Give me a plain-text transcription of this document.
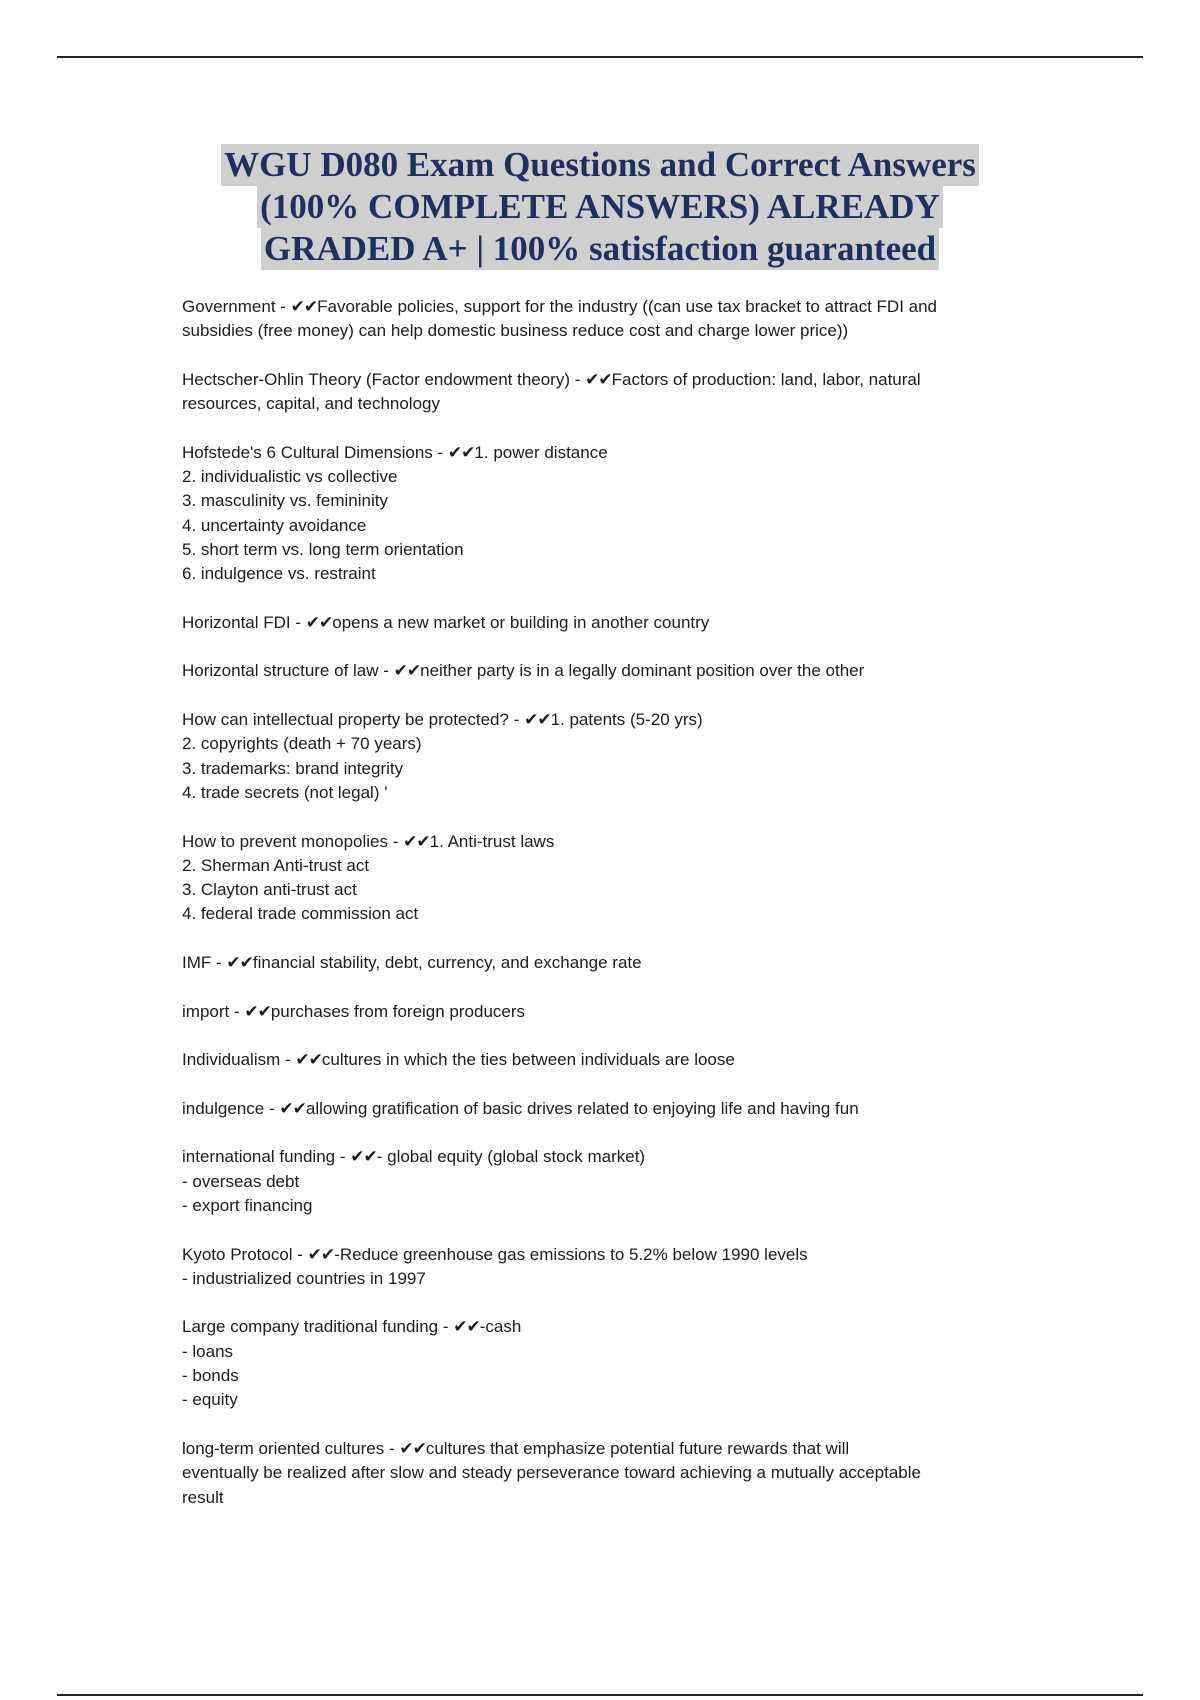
WGU D080 Exam Questions and Correct Answers
(100% COMPLETE ANSWERS) ALREADY
GRADED A+ | 100% satisfaction guaranteed
Government - ✔✔Favorable policies, support for the industry ((can use tax bracket to attract FDI and
subsidies (free money) can help domestic business reduce cost and charge lower price))
Hectscher-Ohlin Theory (Factor endowment theory) - ✔✔Factors of production: land, labor, natural
resources, capital, and technology
Hofstede's 6 Cultural Dimensions - ✔✔1. power distance
2. individualistic vs collective
3. masculinity vs. femininity
4. uncertainty avoidance
5. short term vs. long term orientation
6. indulgence vs. restraint
Horizontal FDI - ✔✔opens a new market or building in another country
Horizontal structure of law - ✔✔neither party is in a legally dominant position over the other
How can intellectual property be protected? - ✔✔1. patents (5-20 yrs)
2. copyrights (death + 70 years)
3. trademarks: brand integrity
4. trade secrets (not legal) '
How to prevent monopolies - ✔✔1. Anti-trust laws
2. Sherman Anti-trust act
3. Clayton anti-trust act
4. federal trade commission act
IMF - ✔✔financial stability, debt, currency, and exchange rate
import - ✔✔purchases from foreign producers
Individualism - ✔✔cultures in which the ties between individuals are loose
indulgence - ✔✔allowing gratification of basic drives related to enjoying life and having fun
international funding - ✔✔- global equity (global stock market)
- overseas debt
- export financing
Kyoto Protocol - ✔✔-Reduce greenhouse gas emissions to 5.2% below 1990 levels
- industrialized countries in 1997
Large company traditional funding - ✔✔-cash
- loans
- bonds
- equity
long-term oriented cultures - ✔✔cultures that emphasize potential future rewards that will
eventually be realized after slow and steady perseverance toward achieving a mutually acceptable
result
